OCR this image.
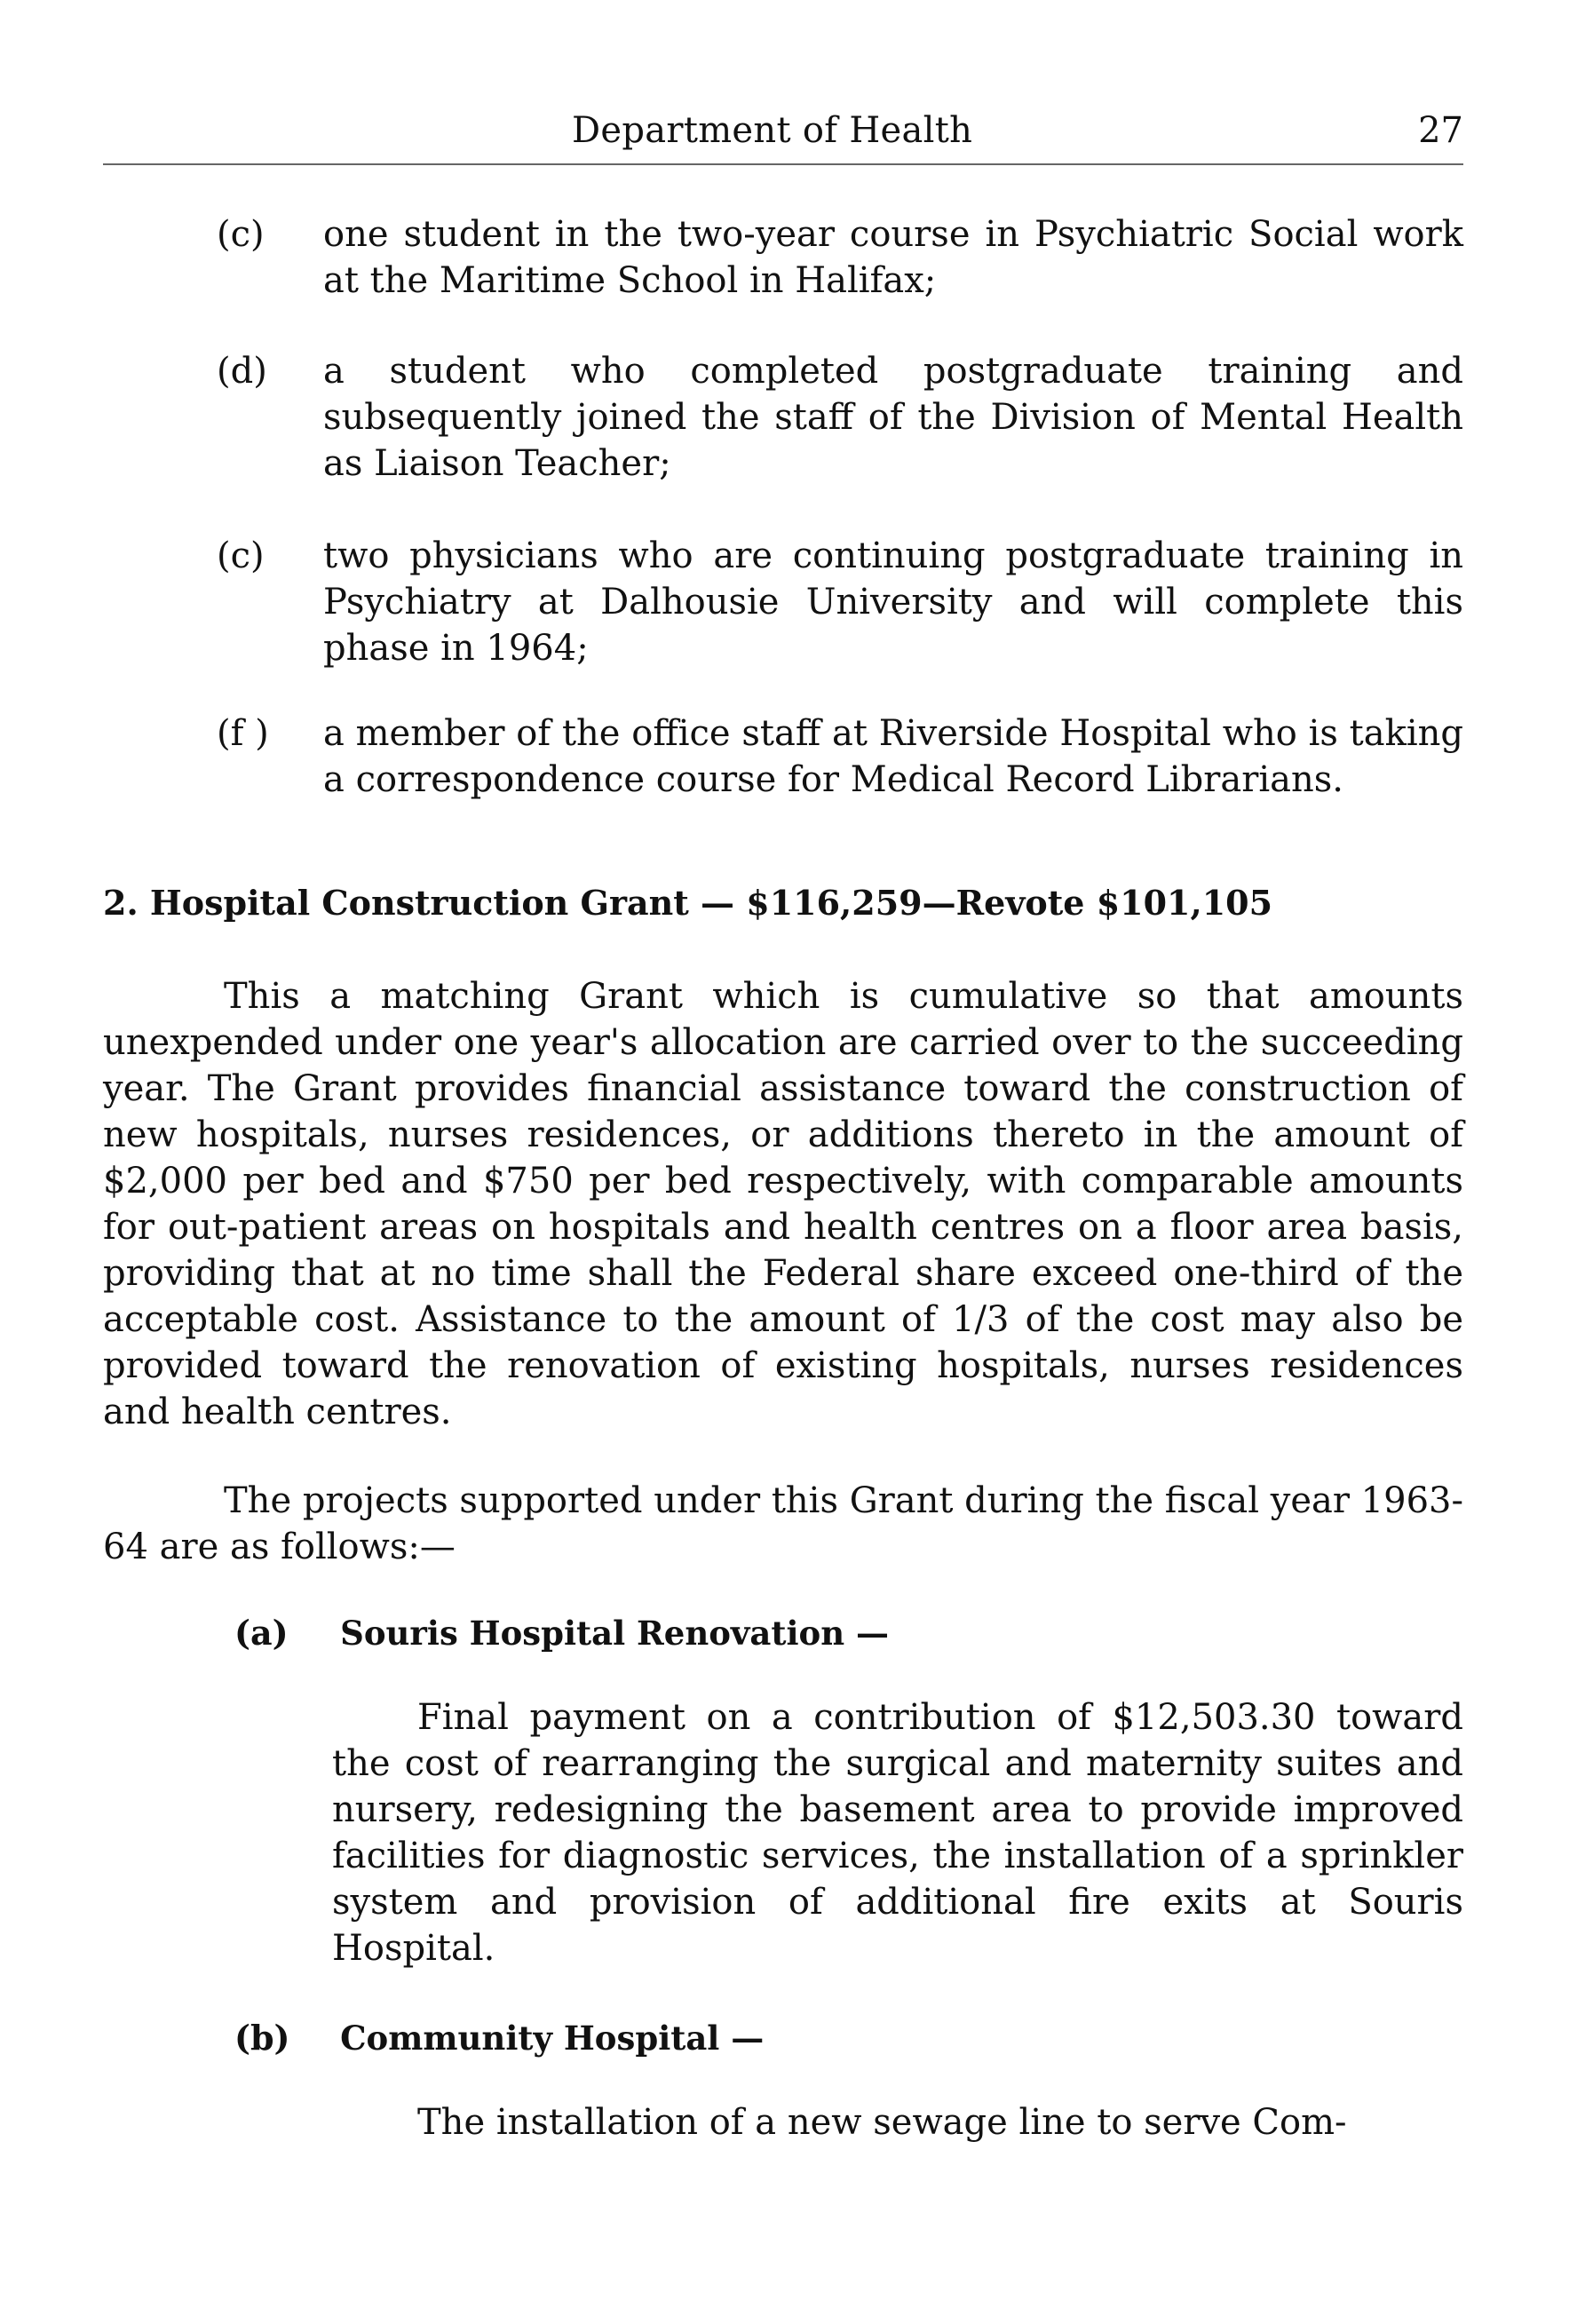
Department of Health	27
(c)	one student in the two-year course in Psychiatric Social work at the Maritime School in Halifax;
(d)	a student who completed postgraduate training and subsequently joined the staff of the Division of Mental Health as Liaison Teacher;
(c)	two physicians who are continuing postgraduate training in Psychiatry at Dalhousie University and will complete this phase in 1964;
(f )	a member of the office staff at Riverside Hospital who is taking a correspondence course for Medical Record Librarians.
2. Hospital Construction Grant — $116,259—Revote $101,105
This a matching Grant which is cumulative so that amounts unexpended under one year's allocation are carried over to the succeeding year. The Grant provides financial assistance toward the construction of new hospitals, nurses residences, or additions thereto in the amount of $2,000 per bed and $750 per bed respectively, with comparable amounts for out-patient areas on hospitals and health centres on a floor area basis, providing that at no time shall the Federal share exceed one-third of the acceptable cost. Assistance to the amount of 1/3 of the cost may also be provided toward the renovation of existing hospitals, nurses residences and health centres.
The projects supported under this Grant during the fiscal year 1963-64 are as follows:—
(a) Souris Hospital Renovation —
Final payment on a contribution of $12,503.30 toward the cost of rearranging the surgical and maternity suites and nursery, redesigning the basement area to provide improved facilities for diagnostic services, the installation of a sprinkler system and provision of additional fire exits at Souris Hospital.
(b) Community Hospital —
The installation of a new sewage line to serve Com-
